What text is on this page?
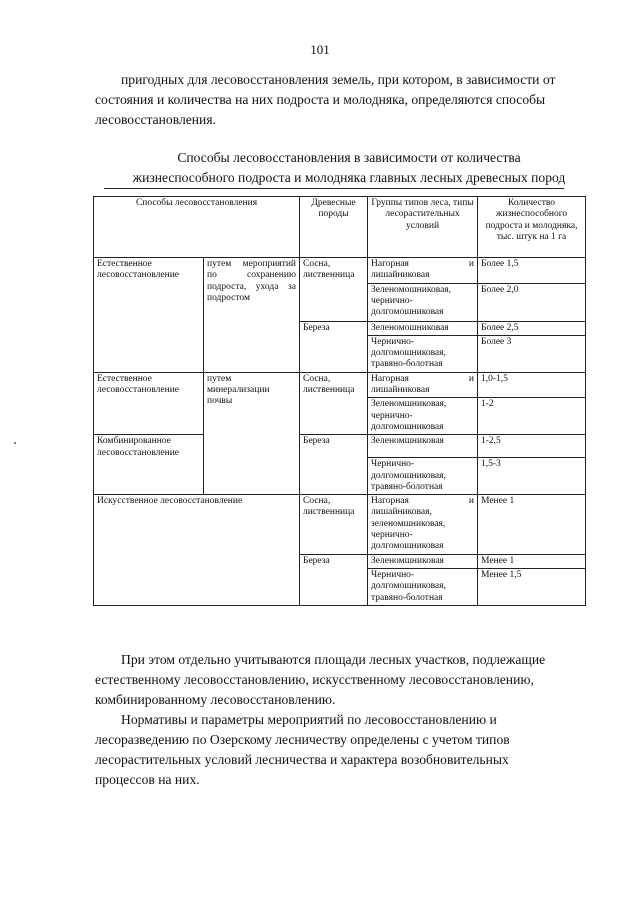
101

пригодных для лесовосстановления земель, при котором, в зависимости от
состояния и количества на них подроста и молодняка, определяются способы
лесовосстановления.

Способы лесовосстановления в зависимости от количества
жизнеспособного подроста и молодняка главных лесных древесных пород

Способы лесовосстановления		Древесные породы	Группы типов леса, типы лесорастительных условий	Количество жизнеспособного подроста и молодняка, тыс. штук на 1 га
Естественное лесовосстановление	путем мероприятий по сохранению подроста, ухода за подростом	Сосна, лиственница	Нагорная и лишайниковая	Более 1,5
			Зеленомошниковая, чернично-долгомошниковая	Более 2,0
		Береза	Зеленомошниковая	Более 2,5
			Чернично-долгомошниковая, травяно-болотная	Более 3
Естественное лесовосстановление	путем минерализации почвы	Сосна, лиственница	Нагорная и лишайниковая	1,0-1,5
			Зеленомшниковая, чернично-долгомошниковая	1-2
Комбинированное лесовосстановление		Береза	Зеленомшниковая	1-2,5
			Чернично-долгомошниковая, травяно-болотная	1,5-3
Искусственное лесовосстановление		Сосна, лиственница	Нагорная и лишайниковая, зеленомшниковая, чернично-долгомошниковая	Менее 1
		Береза	Зеленомшниковая	Менее 1
			Чернично-долгомошниковая, травяно-болотная	Менее 1,5

При этом отдельно учитываются площади лесных участков, подлежащие
естественному лесовосстановлению, искусственному лесовосстановлению,
комбинированному лесовосстановлению.

Нормативы и параметры мероприятий по лесовосстановлению и
лесоразведению по Озерскому лесничеству определены с учетом типов
лесорастительных условий лесничества и характера возобновительных
процессов на них.
